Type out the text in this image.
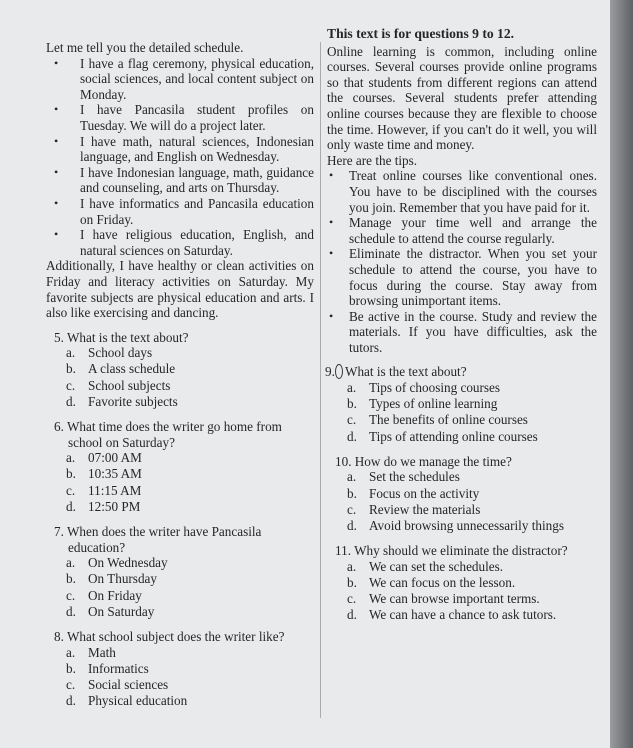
Let me tell you the detailed schedule.

• I have a flag ceremony, physical education, social sciences, and local content subject on Monday.
• I have Pancasila student profiles on Tuesday. We will do a project later.
• I have math, natural sciences, Indonesian language, and English on Wednesday.
• I have Indonesian language, math, guidance and counseling, and arts on Thursday.
• I have informatics and Pancasila education on Friday.
• I have religious education, English, and natural sciences on Saturday.

Additionally, I have healthy or clean activities on Friday and literacy activities on Saturday. My favorite subjects are physical education and arts. I also like exercising and dancing.

5. What is the text about?

a. School days
b. A class schedule
c. School subjects
d. Favorite subjects

6. What time does the writer go home from school on Saturday?

a. 07:00 AM
b. 10:35 AM
c. 11:15 AM
d. 12:50 PM

7. When does the writer have Pancasila education?

a. On Wednesday
b. On Thursday
c. On Friday
d. On Saturday

8. What school subject does the writer like?

a. Math
b. Informatics
c. Social sciences
d. Physical education

This text is for questions 9 to 12.

Online learning is common, including online courses. Several courses provide online programs so that students from different regions can attend the courses. Several students prefer attending online courses because they are flexible to choose the time. However, if you can't do it well, you will only waste time and money.

Here are the tips.

• Treat online courses like conventional ones. You have to be disciplined with the courses you join. Remember that you have paid for it.
• Manage your time well and arrange the schedule to attend the course regularly.
• Eliminate the distractor. When you set your schedule to attend the course, you have to focus during the course. Stay away from browsing unimportant items.
• Be active in the course. Study and review the materials. If you have difficulties, ask the tutors.

9. What is the text about?

a. Tips of choosing courses
b. Types of online learning
c. The benefits of online courses
d. Tips of attending online courses

10. How do we manage the time?

a. Set the schedules
b. Focus on the activity
c. Review the materials
d. Avoid browsing unnecessarily things

11. Why should we eliminate the distractor?

a. We can set the schedules.
b. We can focus on the lesson.
c. We can browse important terms.
d. We can have a chance to ask tutors.
